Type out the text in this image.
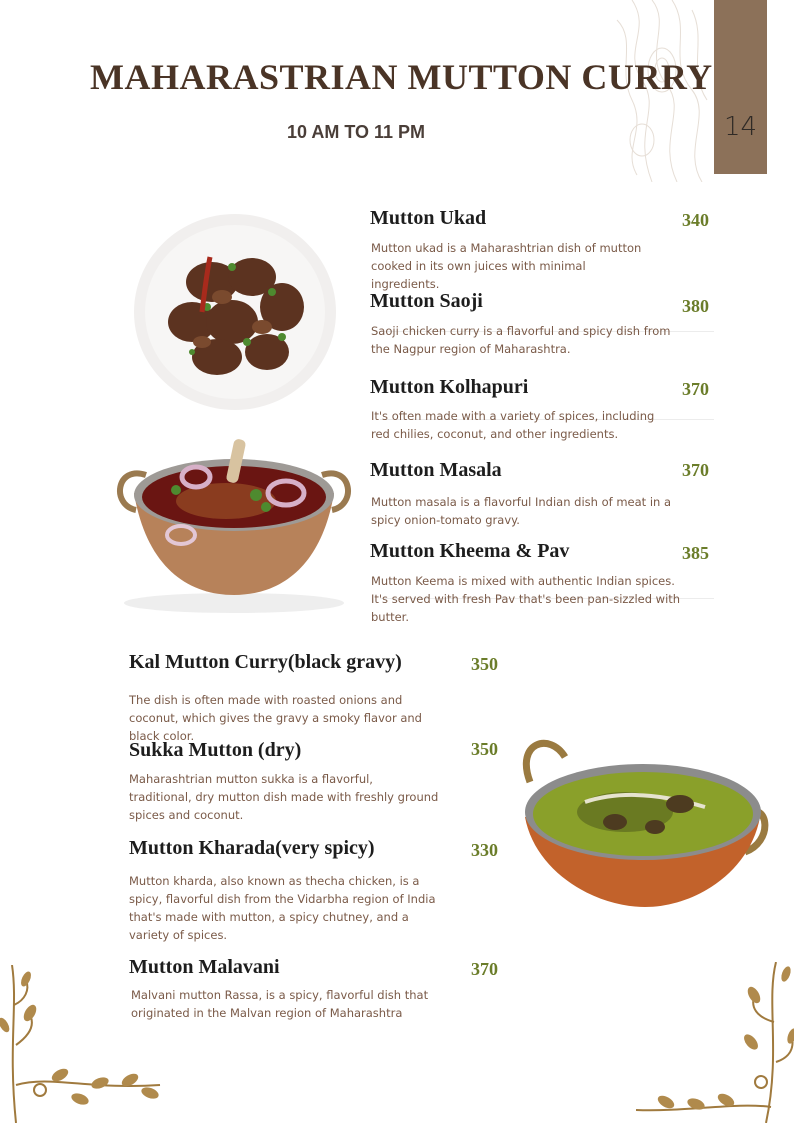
14
MAHARASTRIAN MUTTON CURRY
10 AM TO 11 PM
Mutton Ukad	340
Mutton ukad is a Maharashtrian dish of mutton cooked in its own juices with minimal ingredients.
Mutton Saoji	380
Saoji chicken curry is a flavorful and spicy dish from the Nagpur region of Maharashtra.
Mutton Kolhapuri	370
It's often made with a variety of spices, including red chilies, coconut, and other ingredients.
Mutton Masala	370
Mutton masala is a flavorful Indian dish of meat in a spicy onion-tomato gravy.
Mutton Kheema & Pav	385
Mutton Keema is mixed with authentic Indian spices. It's served with fresh Pav that's been pan-sizzled with butter.
Kal Mutton Curry(black gravy)	350
The dish is often made with roasted onions and coconut, which gives the gravy a smoky flavor and black color.
Sukka Mutton (dry)	350
Maharashtrian mutton sukka is a flavorful, traditional, dry mutton dish made with freshly ground spices and coconut.
Mutton Kharada(very spicy)	330
Mutton kharda, also known as thecha chicken, is a spicy, flavorful dish from the Vidarbha region of India that's made with mutton, a spicy chutney, and a variety of spices.
Mutton Malavani	370
Malvani mutton Rassa, is a spicy, flavorful dish that originated in the Malvan region of Maharashtra
